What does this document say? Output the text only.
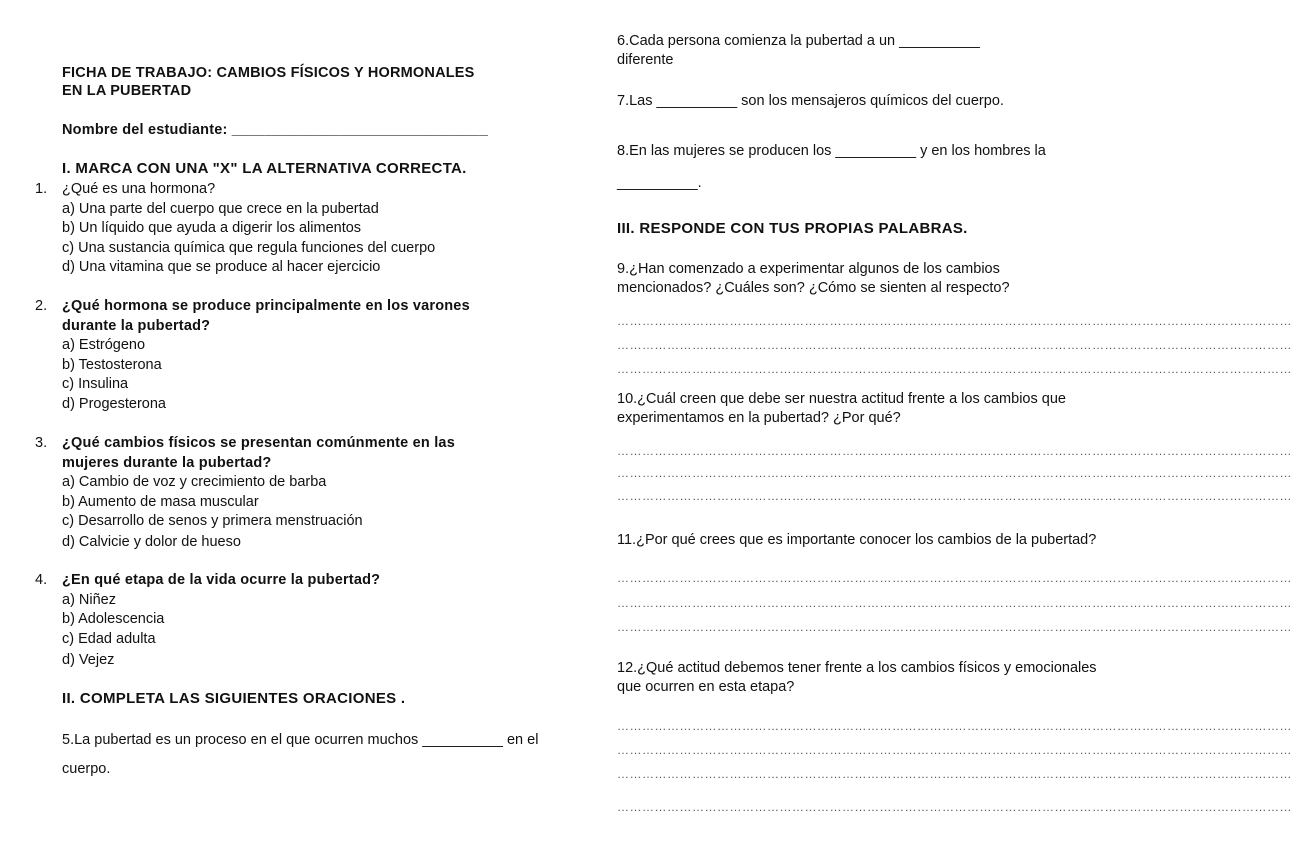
FICHA DE TRABAJO: CAMBIOS FÍSICOS Y HORMONALES
EN LA PUBERTAD
Nombre del estudiante: _______________________________
I. MARCA CON UNA "X" LA ALTERNATIVA CORRECTA.
1. ¿Qué es una hormona?
a) Una parte del cuerpo que crece en la pubertad
b) Un líquido que ayuda a digerir los alimentos
c) Una sustancia química que regula funciones del cuerpo
d) Una vitamina que se produce al hacer ejercicio
2. ¿Qué hormona se produce principalmente en los varones
durante la pubertad?
a) Estrógeno
b) Testosterona
c) Insulina
d) Progesterona
3. ¿Qué cambios físicos se presentan comúnmente en las
mujeres durante la pubertad?
a) Cambio de voz y crecimiento de barba
b) Aumento de masa muscular
c) Desarrollo de senos y primera menstruación
d) Calvicie y dolor de hueso
4. ¿En qué etapa de la vida ocurre la pubertad?
a) Niñez
b) Adolescencia
c) Edad adulta
d) Vejez
II. COMPLETA LAS SIGUIENTES ORACIONES .
5.La pubertad es un proceso en el que ocurren muchos __________ en el
cuerpo.
6.Cada persona comienza la pubertad a un __________
diferente
7.Las __________ son los mensajeros químicos del cuerpo.
8.En las mujeres se producen los __________ y en los hombres la
__________.
III. RESPONDE CON TUS PROPIAS PALABRAS.
9.¿Han comenzado a experimentar algunos de los cambios
mencionados? ¿Cuáles son? ¿Cómo se sienten al respecto?
………………………………………………………………………………………………………………………………………………
………………………………………………………………………………………………………………………………………………
………………………………………………………………………………………………………………………………………………
10.¿Cuál creen que debe ser nuestra actitud frente a los cambios que
experimentamos en la pubertad? ¿Por qué?
………………………………………………………………………………………………………………………………………………
………………………………………………………………………………………………………………………………………………
………………………………………………………………………………………………………………………………………………
11.¿Por qué crees que es importante conocer los cambios de la pubertad?
………………………………………………………………………………………………………………………………………………
………………………………………………………………………………………………………………………………………………
………………………………………………………………………………………………………………………………………………
12.¿Qué actitud debemos tener frente a los cambios físicos y emocionales
que ocurren en esta etapa?
………………………………………………………………………………………………………………………………………………
………………………………………………………………………………………………………………………………………………
………………………………………………………………………………………………………………………………………………
………………………………………………………………………………………………………………………………………………
